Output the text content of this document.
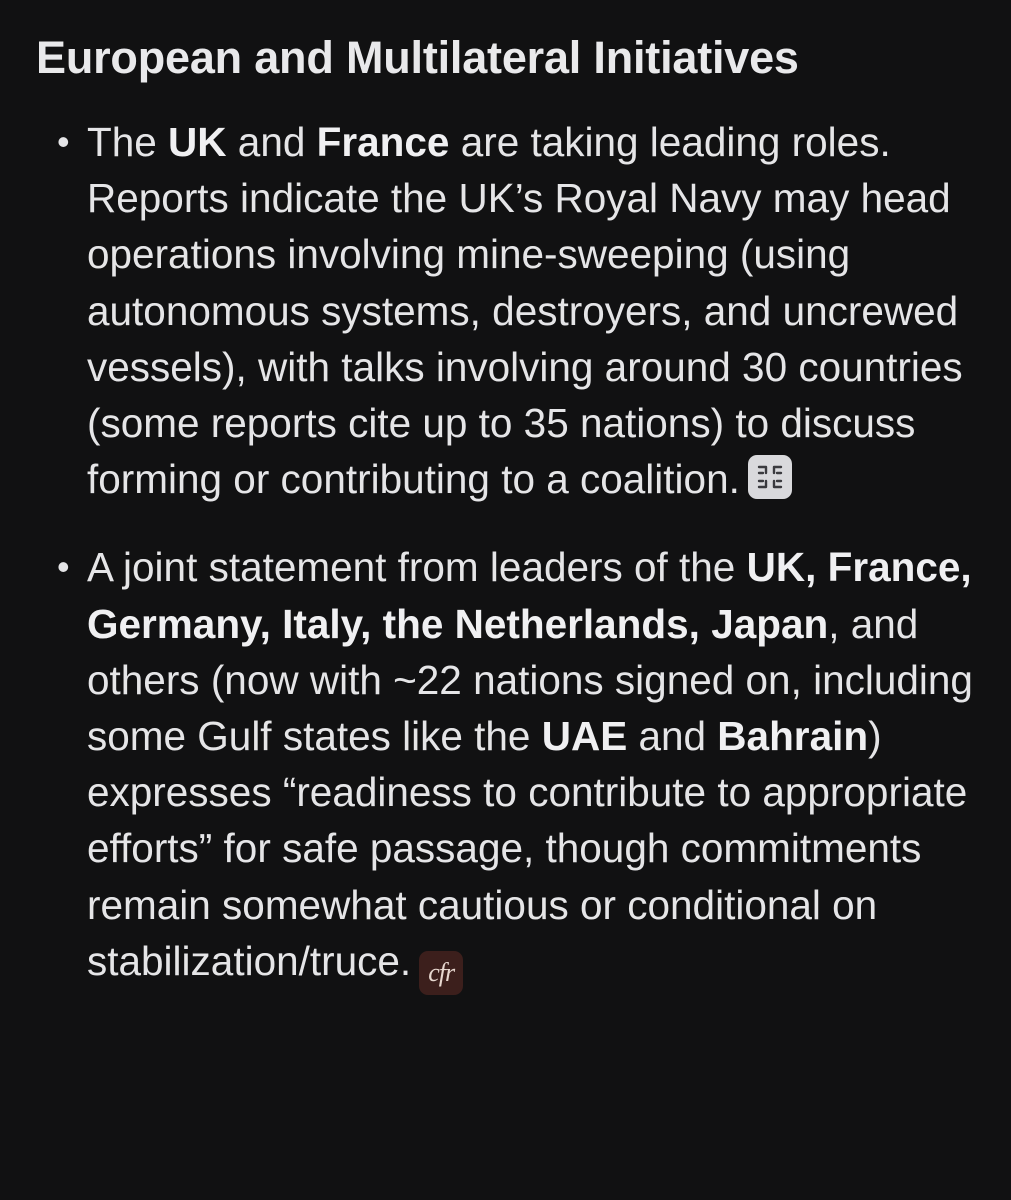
European and Multilateral Initiatives
• The UK and France are taking leading roles. Reports indicate the UK’s Royal Navy may head operations involving mine-sweeping (using autonomous systems, destroyers, and uncrewed vessels), with talks involving around 30 countries (some reports cite up to 35 nations) to discuss forming or contributing to a coalition.
• A joint statement from leaders of the UK, France, Germany, Italy, the Netherlands, Japan, and others (now with ~22 nations signed on, including some Gulf states like the UAE and Bahrain) expresses “readiness to contribute to appropriate efforts” for safe passage, though commitments remain somewhat cautious or conditional on stabilization/truce. cfr
